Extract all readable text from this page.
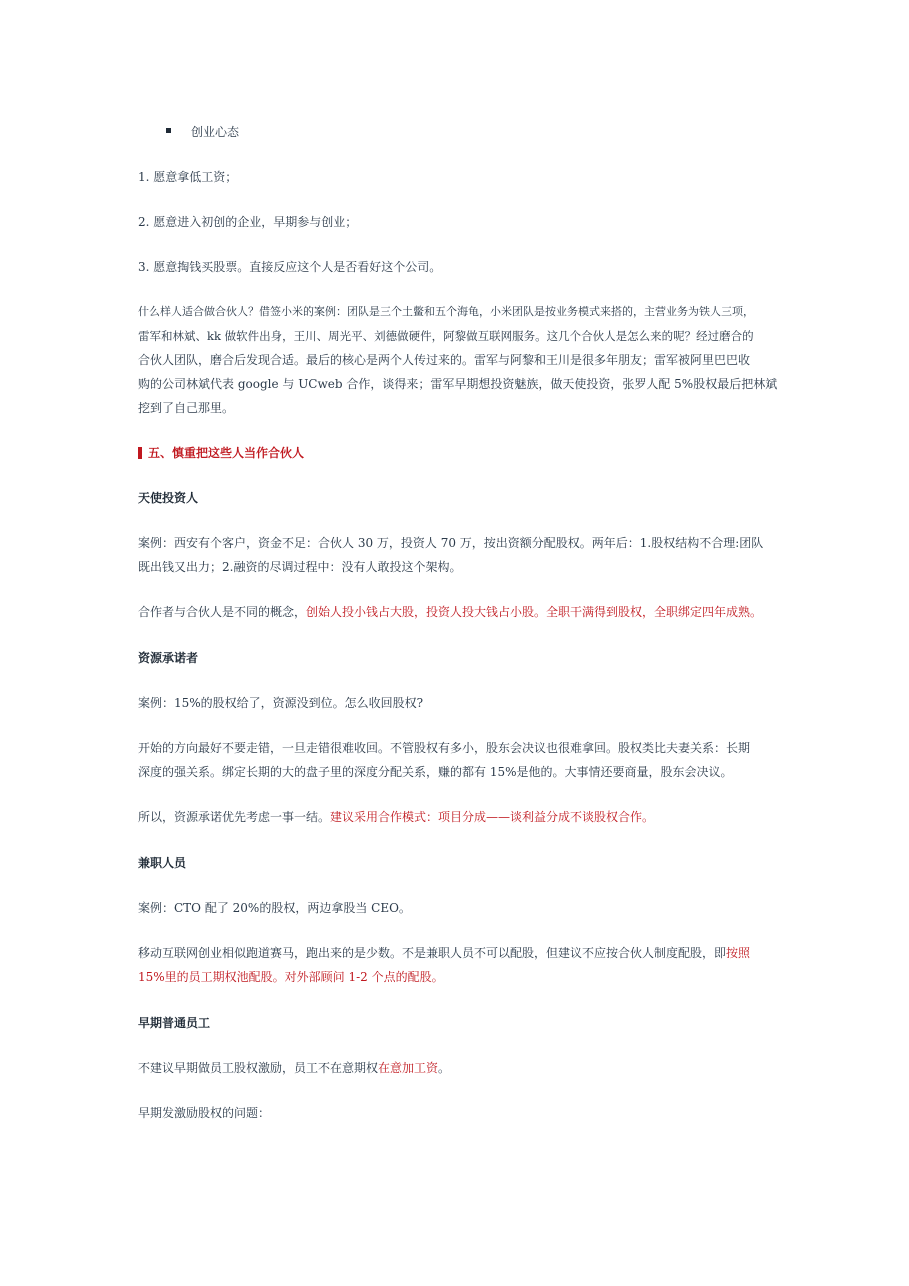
创业心态

1. 愿意拿低工资；

2. 愿意进入初创的企业，早期参与创业；

3. 愿意掏钱买股票。直接反应这个人是否看好这个公司。

什么样人适合做合伙人？借签小米的案例：团队是三个土鳖和五个海龟，小米团队是按业务模式来搭的，主营业务为铁人三项，

雷军和林斌、kk 做软件出身，王川、周光平、刘德做硬件，阿黎做互联网服务。这几个合伙人是怎么来的呢？经过磨合的

合伙人团队，磨合后发现合适。最后的核心是两个人传过来的。雷军与阿黎和王川是很多年朋友；雷军被阿里巴巴收

购的公司林斌代表 google 与 UCweb 合作，谈得来；雷军早期想投资魅族，做天使投资，张罗人配 5%股权最后把林斌

挖到了自己那里。

五、慎重把这些人当作合伙人

天使投资人

案例：西安有个客户，资金不足：合伙人 30 万，投资人 70 万，按出资额分配股权。两年后：1.股权结构不合理:团队

既出钱又出力；2.融资的尽调过程中：没有人敢投这个架构。

合作者与合伙人是不同的概念，创始人投小钱占大股，投资人投大钱占小股。全职干满得到股权，全职绑定四年成熟。

资源承诺者

案例：15%的股权给了，资源没到位。怎么收回股权?

开始的方向最好不要走错，一旦走错很难收回。不管股权有多小，股东会决议也很难拿回。股权类比夫妻关系：长期

深度的强关系。绑定长期的大的盘子里的深度分配关系，赚的都有 15%是他的。大事情还要商量，股东会决议。

所以，资源承诺优先考虑一事一结。建议采用合作模式：项目分成——谈利益分成不谈股权合作。

兼职人员

案例：CTO 配了 20%的股权，两边拿股当 CEO。

移动互联网创业相似跑道赛马，跑出来的是少数。不是兼职人员不可以配股，但建议不应按合伙人制度配股，即按照

15%里的员工期权池配股。对外部顾问 1-2 个点的配股。

早期普通员工

不建议早期做员工股权激励，员工不在意期权在意加工资。

早期发激励股权的问题：
